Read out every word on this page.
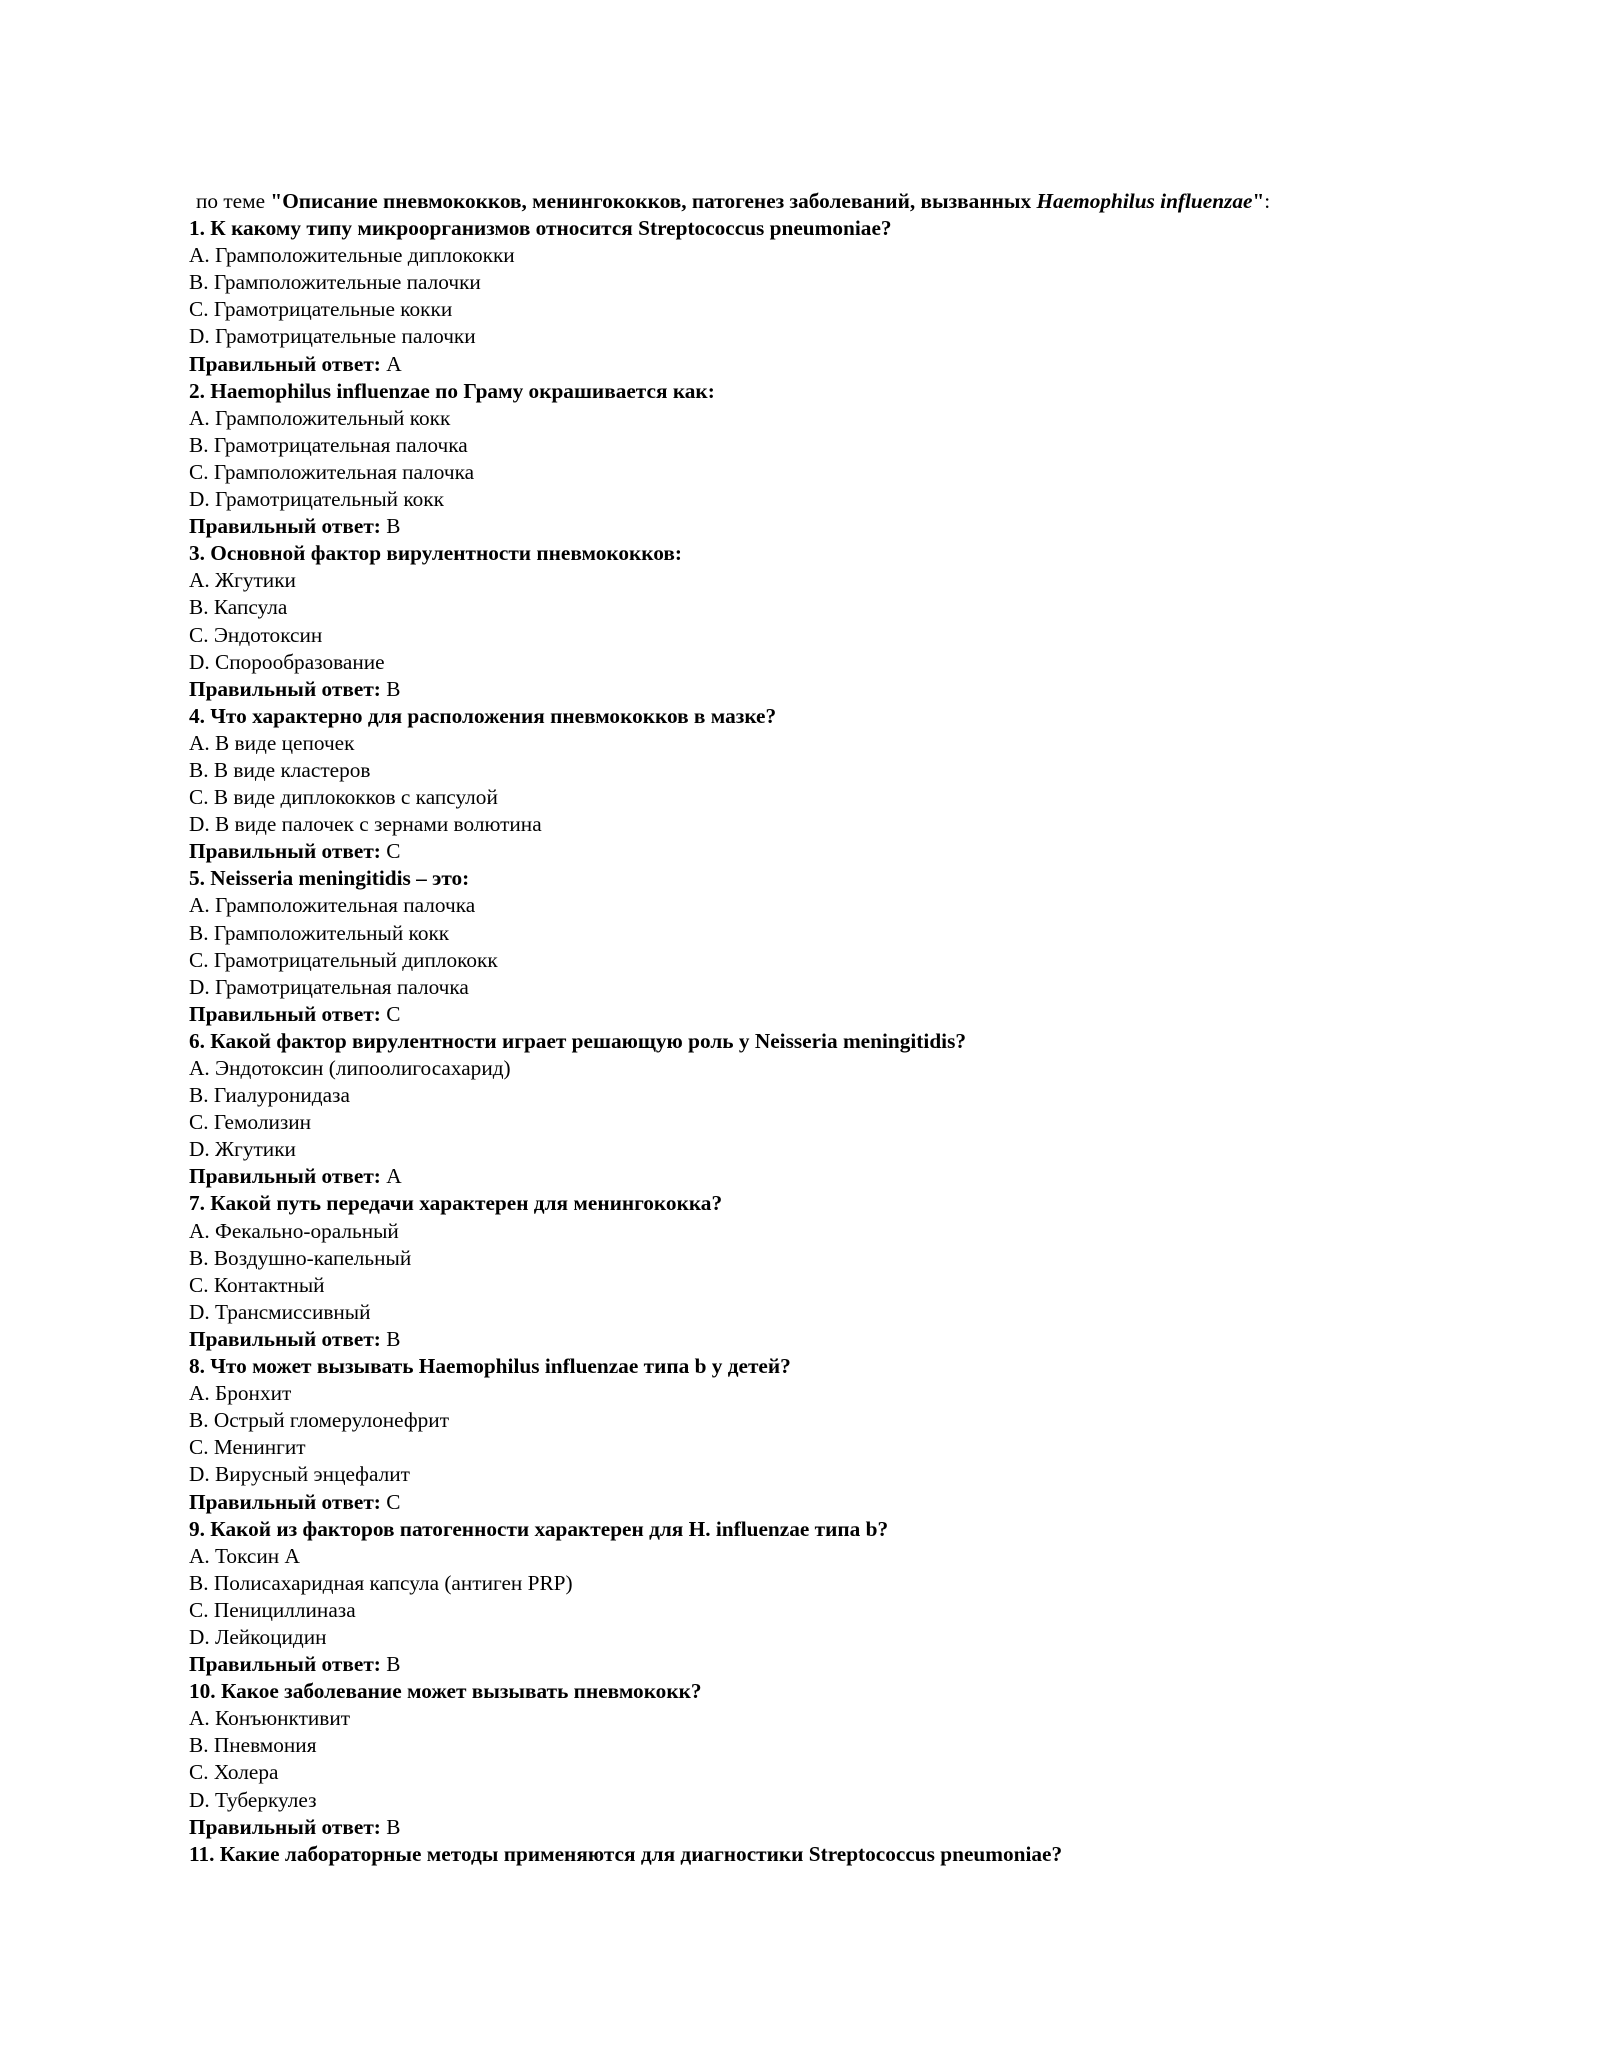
по теме "Описание пневмококков, менингококков, патогенез заболеваний, вызванных Haemophilus influenzae":
1. К какому типу микроорганизмов относится Streptococcus pneumoniae?
A. Грамположительные диплококки
B. Грамположительные палочки
C. Грамотрицательные кокки
D. Грамотрицательные палочки
Правильный ответ: A
2. Haemophilus influenzae по Граму окрашивается как:
A. Грамположительный кокк
B. Грамотрицательная палочка
C. Грамположительная палочка
D. Грамотрицательный кокк
Правильный ответ: B
3. Основной фактор вирулентности пневмококков:
A. Жгутики
B. Капсула
C. Эндотоксин
D. Спорообразование
Правильный ответ: B
4. Что характерно для расположения пневмококков в мазке?
A. В виде цепочек
B. В виде кластеров
C. В виде диплококков с капсулой
D. В виде палочек с зернами волютина
Правильный ответ: C
5. Neisseria meningitidis – это:
A. Грамположительная палочка
B. Грамположительный кокк
C. Грамотрицательный диплококк
D. Грамотрицательная палочка
Правильный ответ: C
6. Какой фактор вирулентности играет решающую роль у Neisseria meningitidis?
A. Эндотоксин (липоолигосахарид)
B. Гиалуронидаза
C. Гемолизин
D. Жгутики
Правильный ответ: A
7. Какой путь передачи характерен для менингококка?
A. Фекально-оральный
B. Воздушно-капельный
C. Контактный
D. Трансмиссивный
Правильный ответ: B
8. Что может вызывать Haemophilus influenzae типа b у детей?
A. Бронхит
B. Острый гломерулонефрит
C. Менингит
D. Вирусный энцефалит
Правильный ответ: C
9. Какой из факторов патогенности характерен для H. influenzae типа b?
A. Токсин A
B. Полисахаридная капсула (антиген PRP)
C. Пенициллиназа
D. Лейкоцидин
Правильный ответ: B
10. Какое заболевание может вызывать пневмококк?
A. Конъюнктивит
B. Пневмония
C. Холера
D. Туберкулез
Правильный ответ: B
11. Какие лабораторные методы применяются для диагностики Streptococcus pneumoniae?
